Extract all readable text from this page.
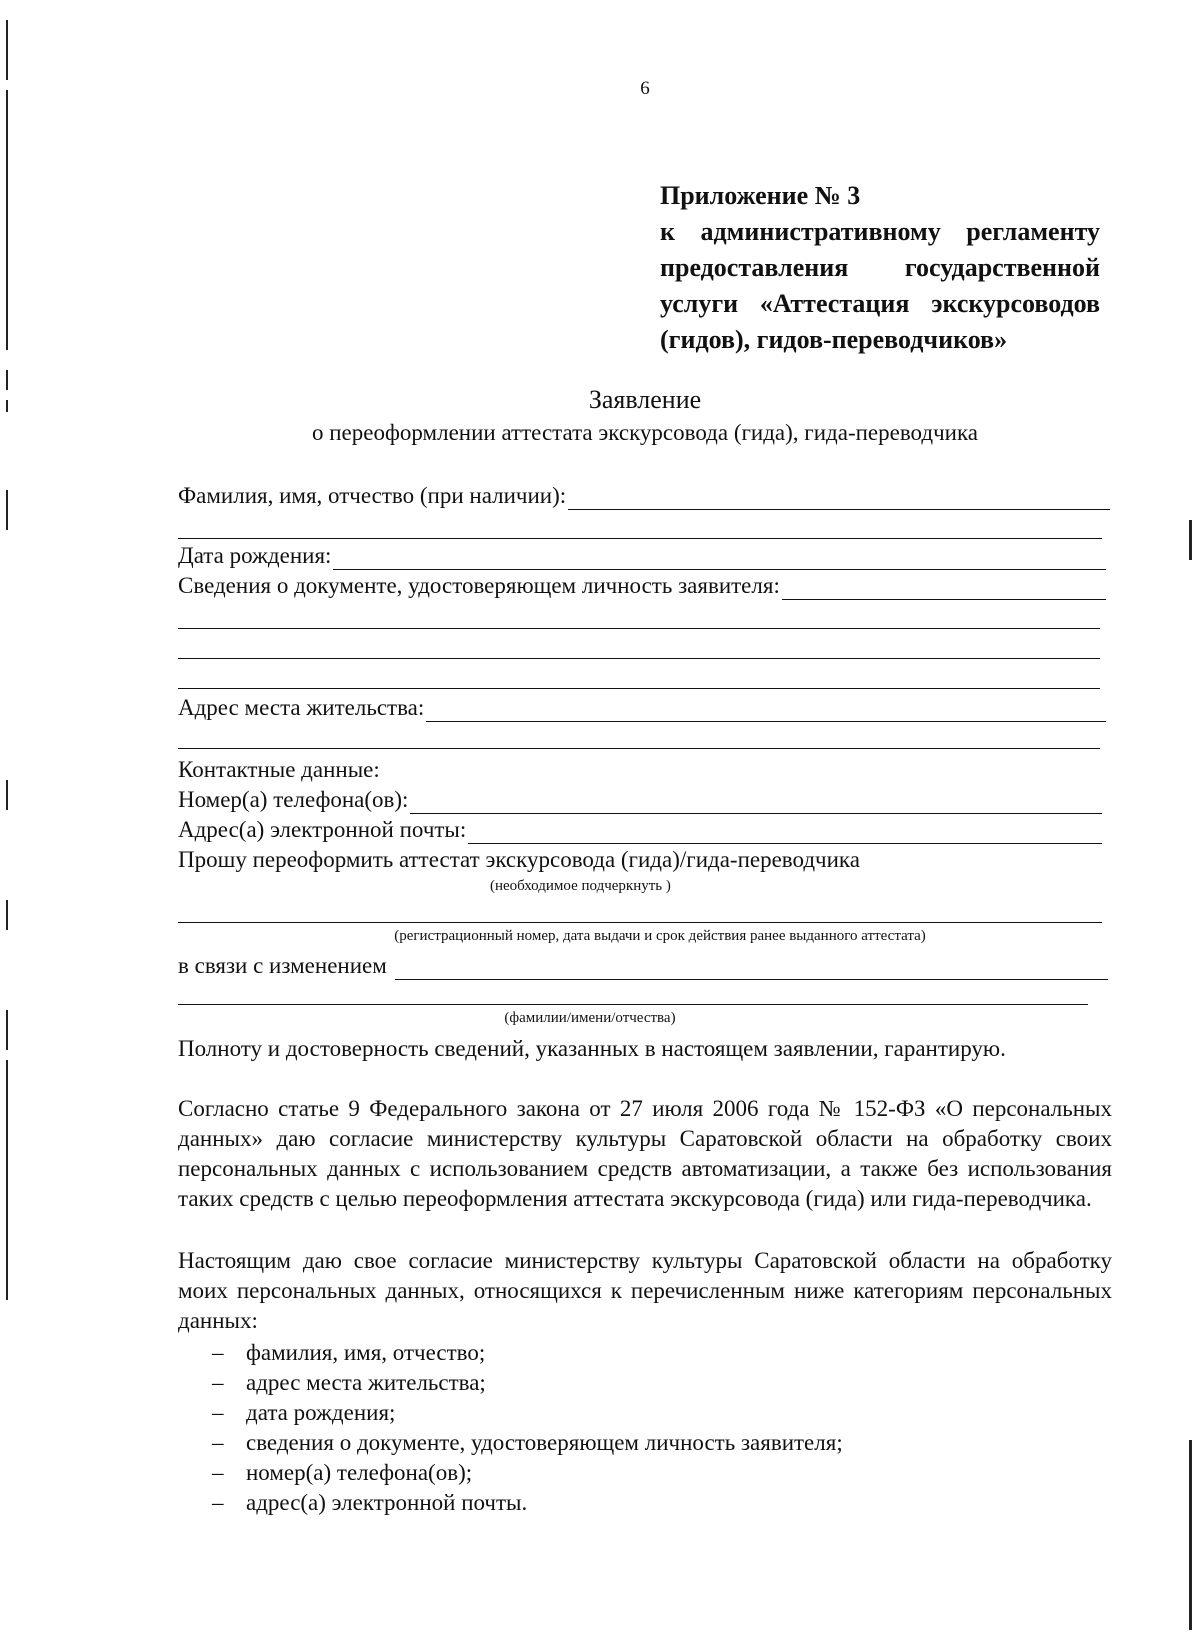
6
Приложение № 3
к административному регламенту
предоставления государственной
услуги «Аттестация экскурсоводов
(гидов), гидов-переводчиков»
Заявление
о переоформлении аттестата экскурсовода (гида), гида-переводчика
Фамилия, имя, отчество (при наличии):
Дата рождения:
Сведения о документе, удостоверяющем личность заявителя:
Адрес места жительства:
Контактные данные:
Номер(а) телефона(ов):
Адрес(а) электронной почты:
Прошу переоформить аттестат экскурсовода (гида)/гида-переводчика
(необходимое подчеркнуть )
(регистрационный номер, дата выдачи и срок действия ранее выданного аттестата)
в связи с изменением
(фамилии/имени/отчества)
Полноту и достоверность сведений, указанных в настоящем заявлении, гарантирую.
Согласно статье 9 Федерального закона от 27 июля 2006 года № 152-ФЗ «О персональных данных» даю согласие министерству культуры Саратовской области на обработку своих персональных данных с использованием средств автоматизации, а также без использования таких средств с целью переоформления аттестата экскурсовода (гида) или гида-переводчика.
Настоящим даю свое согласие министерству культуры Саратовской области на обработку моих персональных данных, относящихся к перечисленным ниже категориям персональных данных:
– фамилия, имя, отчество;
– адрес места жительства;
– дата рождения;
– сведения о документе, удостоверяющем личность заявителя;
– номер(а) телефона(ов);
– адрес(а) электронной почты.
